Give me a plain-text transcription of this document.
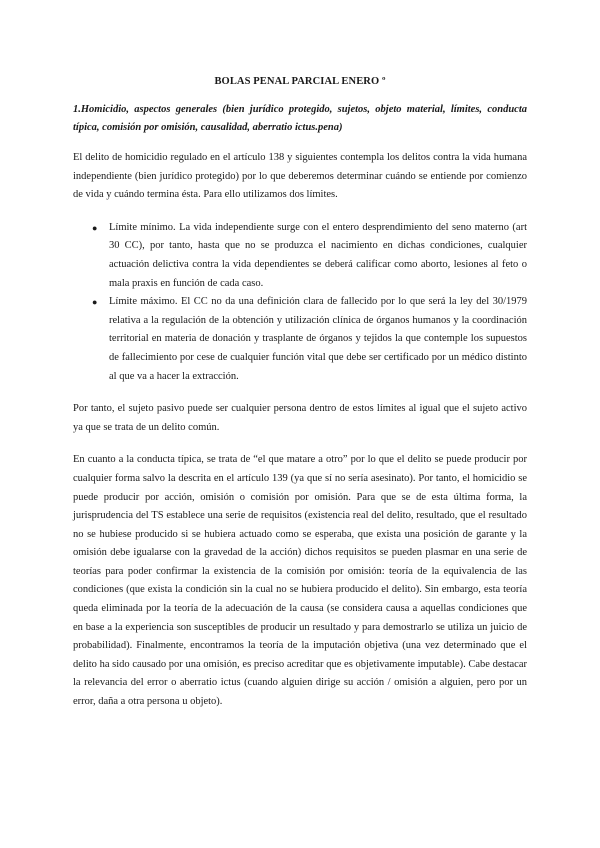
BOLAS PENAL PARCIAL ENERO º

1.Homicidio, aspectos generales (bien jurídico protegido, sujetos, objeto material, límites, conducta típica, comisión por omisión, causalidad, aberratio ictus.pena)

El delito de homicidio regulado en el artículo 138 y siguientes contempla los delitos contra la vida humana independiente (bien jurídico protegido) por lo que deberemos determinar cuándo se entiende por comienzo de vida y cuándo termina ésta. Para ello utilizamos dos límites.

● Límite mínimo. La vida independiente surge con el entero desprendimiento del seno materno (art 30 CC), por tanto, hasta que no se produzca el nacimiento en dichas condiciones, cualquier actuación delictiva contra la vida dependientes se deberá calificar como aborto, lesiones al feto o mala praxis en función de cada caso.
● Límite máximo. El CC no da una definición clara de fallecido por lo que será la ley del 30/1979 relativa a la regulación de la obtención y utilización clínica de órganos humanos y la coordinación territorial en materia de donación y trasplante de órganos y tejidos la que contemple los supuestos de fallecimiento por cese de cualquier función vital que debe ser certificado por un médico distinto al que va a hacer la extracción.

Por tanto, el sujeto pasivo puede ser cualquier persona dentro de estos límites al igual que el sujeto activo ya que se trata de un delito común.

En cuanto a la conducta típica, se trata de “el que matare a otro” por lo que el delito se puede producir por cualquier forma salvo la descrita en el artículo 139 (ya que sí no sería asesinato). Por tanto, el homicidio se puede producir por acción, omisión o comisión por omisión. Para que se de esta última forma, la jurisprudencia del TS establece una serie de requisitos (existencia real del delito, resultado, que el resultado no se hubiese producido si se hubiera actuado como se esperaba, que exista una posición de garante y la omisión debe igualarse con la gravedad de la acción) dichos requisitos se pueden plasmar en una serie de teorías para poder confirmar la existencia de la comisión por omisión: teoría de la equivalencia de las condiciones (que exista la condición sin la cual no se hubiera producido el delito). Sin embargo, esta teoría queda eliminada por la teoría de la adecuación de la causa (se considera causa a aquellas condiciones que en base a la experiencia son susceptibles de producir un resultado y para demostrarlo se utiliza un juicio de probabilidad). Finalmente, encontramos la teoría de la imputación objetiva (una vez determinado que el delito ha sido causado por una omisión, es preciso acreditar que es objetivamente imputable). Cabe destacar la relevancia del error o aberratio ictus (cuando alguien dirige su acción / omisión a alguien, pero por un error, daña a otra persona u objeto).
